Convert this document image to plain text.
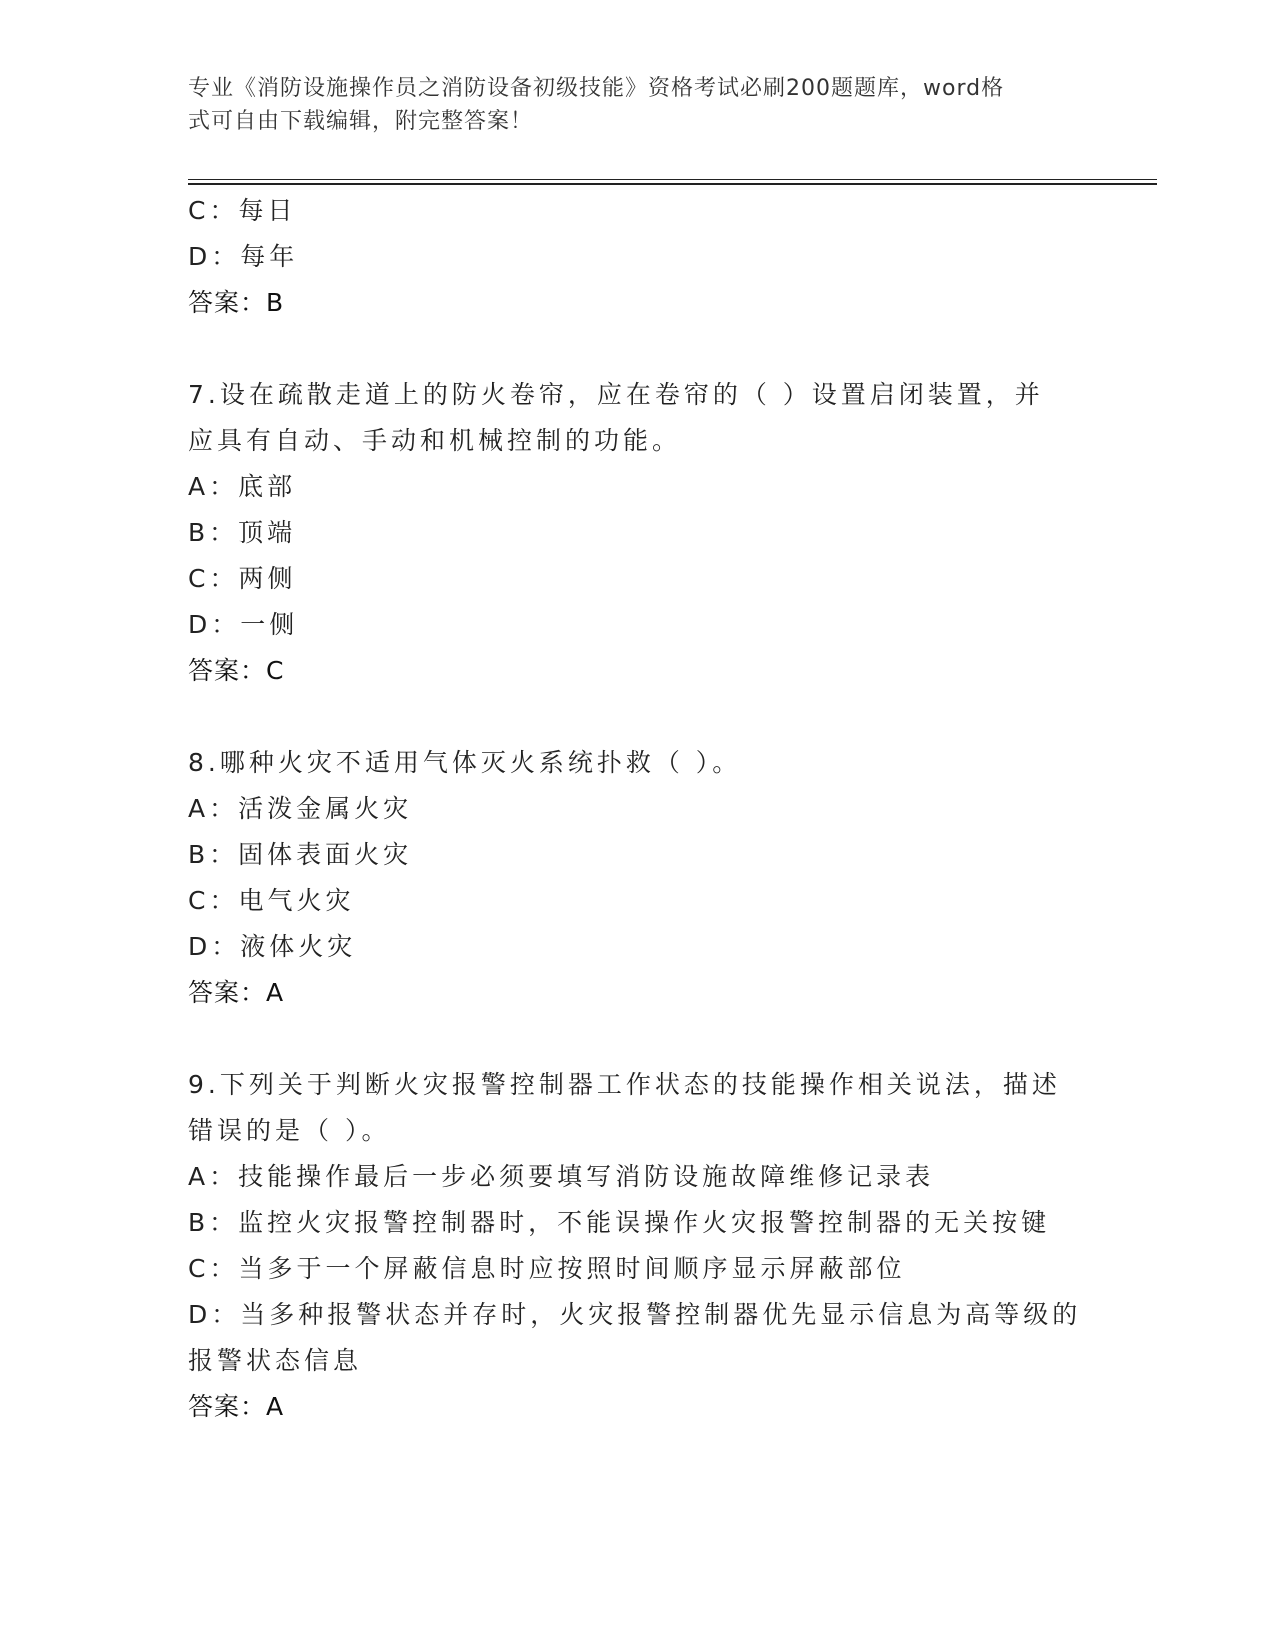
专业《消防设施操作员之消防设备初级技能》资格考试必刷200题题库，word格
式可自由下载编辑，附完整答案！
C：每日
D：每年
答案：B
7.设在疏散走道上的防火卷帘，应在卷帘的（ ）设置启闭装置，并
应具有自动、手动和机械控制的功能。
A：底部
B：顶端
C：两侧
D：一侧
答案：C
8.哪种火灾不适用气体灭火系统扑救（ ）。
A：活泼金属火灾
B：固体表面火灾
C：电气火灾
D：液体火灾
答案：A
9.下列关于判断火灾报警控制器工作状态的技能操作相关说法，描述
错误的是（ ）。
A：技能操作最后一步必须要填写消防设施故障维修记录表
B：监控火灾报警控制器时，不能误操作火灾报警控制器的无关按键
C：当多于一个屏蔽信息时应按照时间顺序显示屏蔽部位
D：当多种报警状态并存时，火灾报警控制器优先显示信息为高等级的
报警状态信息
答案：A
